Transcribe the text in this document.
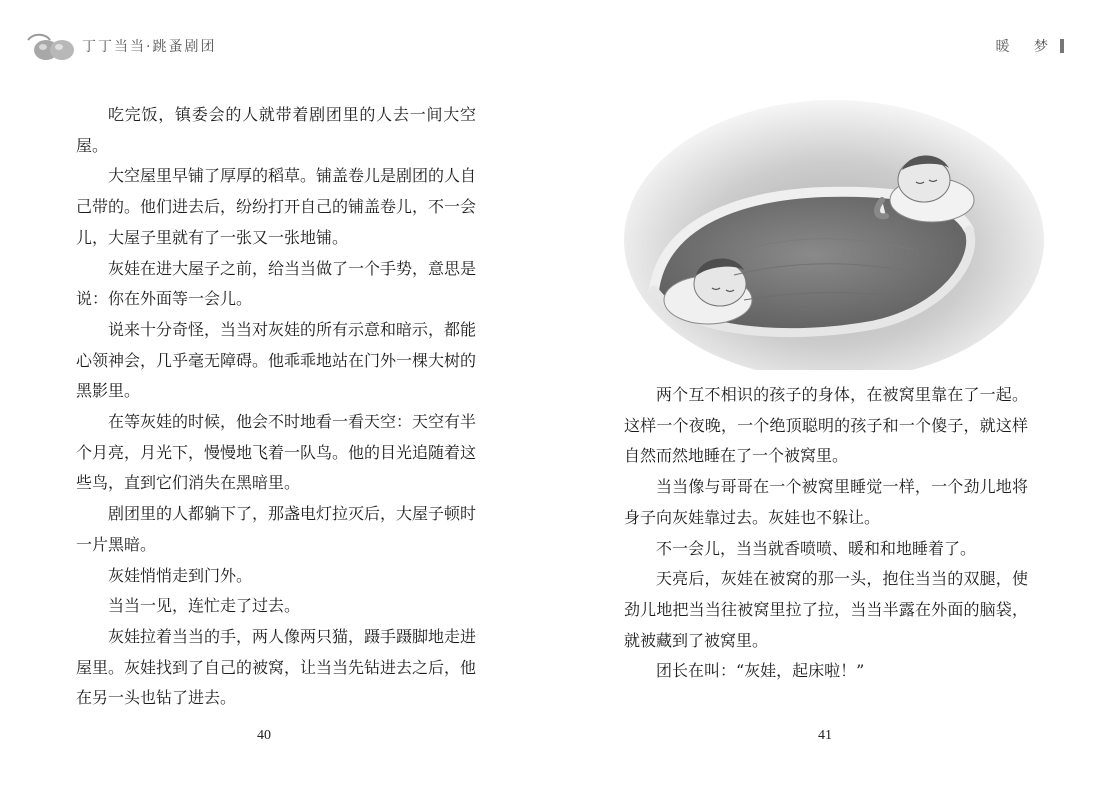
丁丁当当·跳蚤剧团	暖 梦

吃完饭，镇委会的人就带着剧团里的人去一间大空屋。

大空屋里早铺了厚厚的稻草。铺盖卷儿是剧团的人自己带的。他们进去后，纷纷打开自己的铺盖卷儿，不一会儿，大屋子里就有了一张又一张地铺。

灰娃在进大屋子之前，给当当做了一个手势，意思是说：你在外面等一会儿。

说来十分奇怪，当当对灰娃的所有示意和暗示，都能心领神会，几乎毫无障碍。他乖乖地站在门外一棵大树的黑影里。

在等灰娃的时候，他会不时地看一看天空：天空有半个月亮，月光下，慢慢地飞着一队鸟。他的目光追随着这些鸟，直到它们消失在黑暗里。

剧团里的人都躺下了，那盏电灯拉灭后，大屋子顿时一片黑暗。

灰娃悄悄走到门外。

当当一见，连忙走了过去。

灰娃拉着当当的手，两人像两只猫，蹑手蹑脚地走进屋里。灰娃找到了自己的被窝，让当当先钻进去之后，他在另一头也钻了进去。

两个互不相识的孩子的身体，在被窝里靠在了一起。这样一个夜晚，一个绝顶聪明的孩子和一个傻子，就这样自然而然地睡在了一个被窝里。

当当像与哥哥在一个被窝里睡觉一样，一个劲儿地将身子向灰娃靠过去。灰娃也不躲让。

不一会儿，当当就香喷喷、暖和和地睡着了。

天亮后，灰娃在被窝的那一头，抱住当当的双腿，使劲儿地把当当往被窝里拉了拉，当当半露在外面的脑袋，就被藏到了被窝里。

团长在叫：“灰娃，起床啦！”

40	41
